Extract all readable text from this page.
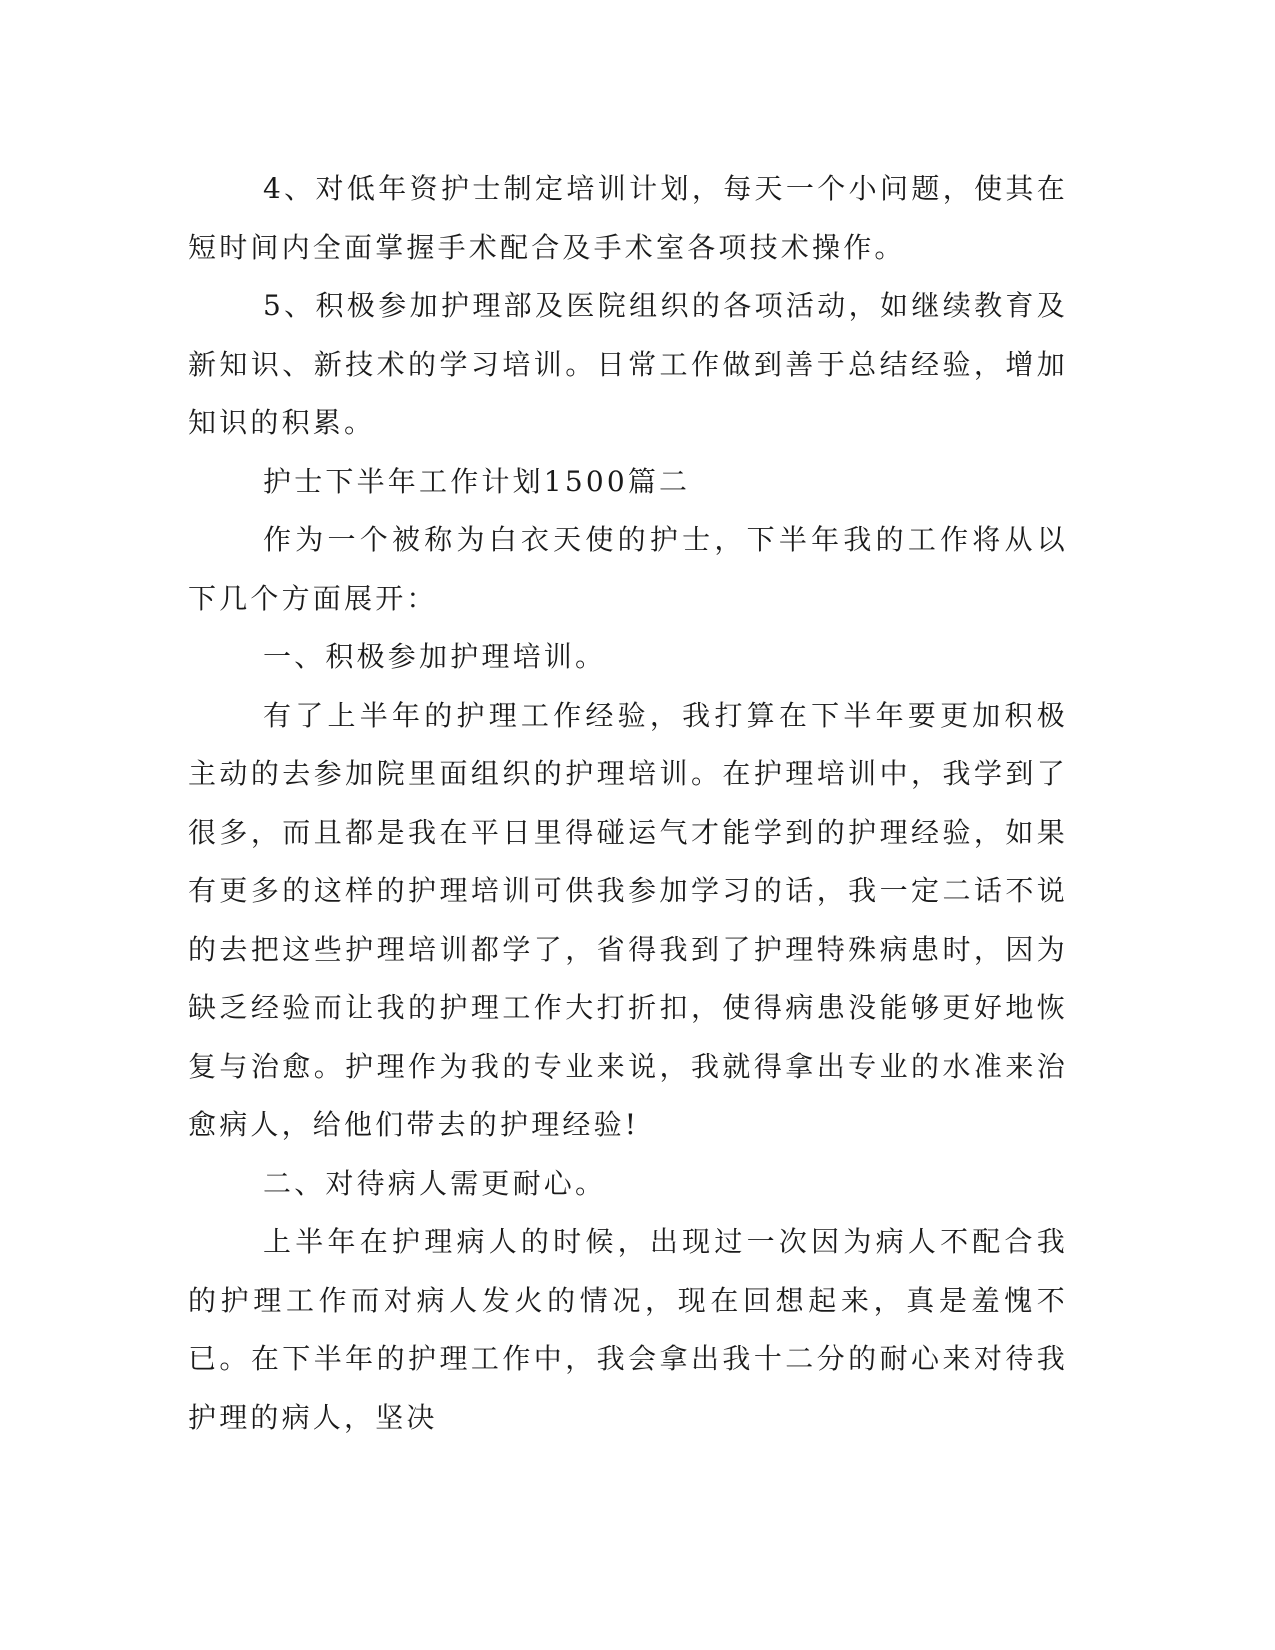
4、对低年资护士制定培训计划，每天一个小问题，使其在短时间内全面掌握手术配合及手术室各项技术操作。

5、积极参加护理部及医院组织的各项活动，如继续教育及新知识、新技术的学习培训。日常工作做到善于总结经验，增加知识的积累。

护士下半年工作计划1500篇二

作为一个被称为白衣天使的护士，下半年我的工作将从以下几个方面展开：

一、积极参加护理培训。

有了上半年的护理工作经验，我打算在下半年要更加积极主动的去参加院里面组织的护理培训。在护理培训中，我学到了很多，而且都是我在平日里得碰运气才能学到的护理经验，如果有更多的这样的护理培训可供我参加学习的话，我一定二话不说的去把这些护理培训都学了，省得我到了护理特殊病患时，因为缺乏经验而让我的护理工作大打折扣，使得病患没能够更好地恢复与治愈。护理作为我的专业来说，我就得拿出专业的水准来治愈病人，给他们带去的护理经验!

二、对待病人需更耐心。

上半年在护理病人的时候，出现过一次因为病人不配合我的护理工作而对病人发火的情况，现在回想起来，真是羞愧不已。在下半年的护理工作中，我会拿出我十二分的耐心来对待我护理的病人，坚决
